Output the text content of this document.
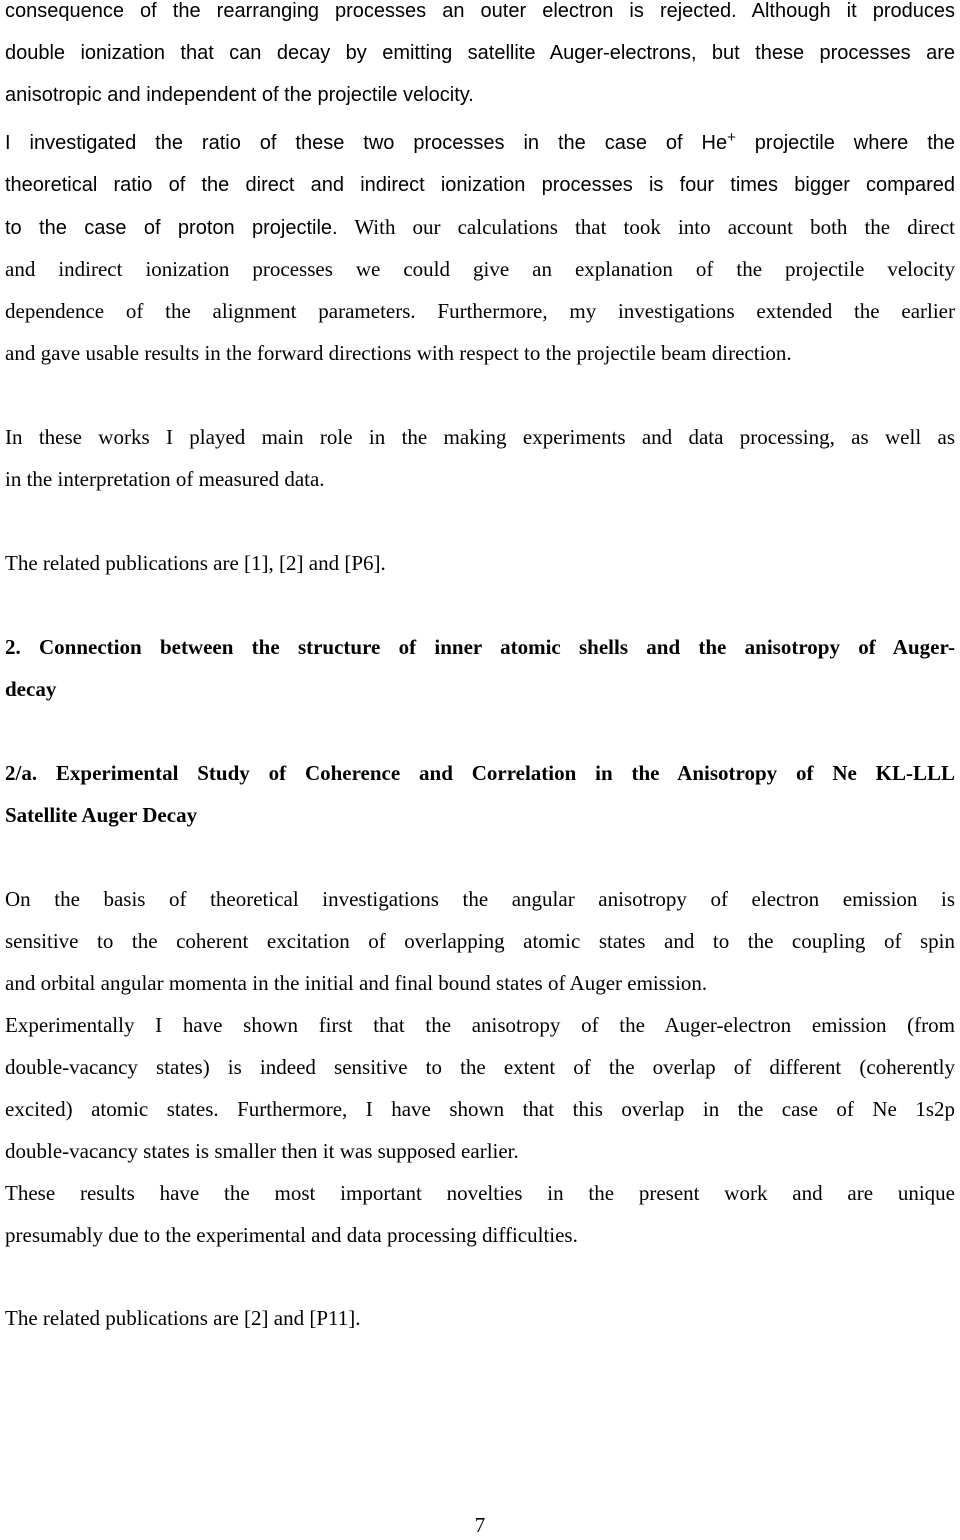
consequence of the rearranging processes an outer electron is rejected. Although it produces
double ionization that can decay by emitting satellite Auger-electrons, but these processes are
anisotropic and independent of the projectile velocity.
I investigated the ratio of these two processes in the case of He+ projectile where the
theoretical ratio of the direct and indirect ionization processes is four times bigger compared
to the case of proton projectile. With our calculations that took into account both the direct
and indirect ionization processes we could give an explanation of the projectile velocity
dependence of the alignment parameters. Furthermore, my investigations extended the earlier
and gave usable results in the forward directions with respect to the projectile beam direction.
In these works I played main role in the making experiments and data processing, as well as
in the interpretation of measured data.
The related publications are [1], [2] and [P6].
2. Connection between the structure of inner atomic shells and the anisotropy of Auger-
decay
2/a. Experimental Study of Coherence and Correlation in the Anisotropy of Ne KL-LLL
Satellite Auger Decay
On the basis of theoretical investigations the angular anisotropy of electron emission is
sensitive to the coherent excitation of overlapping atomic states and to the coupling of spin
and orbital angular momenta in the initial and final bound states of Auger emission.
Experimentally I have shown first that the anisotropy of the Auger-electron emission (from
double-vacancy states) is indeed sensitive to the extent of the overlap of different (coherently
excited) atomic states. Furthermore, I have shown that this overlap in the case of Ne 1s2p
double-vacancy states is smaller then it was supposed earlier.
These results have the most important novelties in the present work and are unique
presumably due to the experimental and data processing difficulties.
The related publications are [2] and [P11].
7
